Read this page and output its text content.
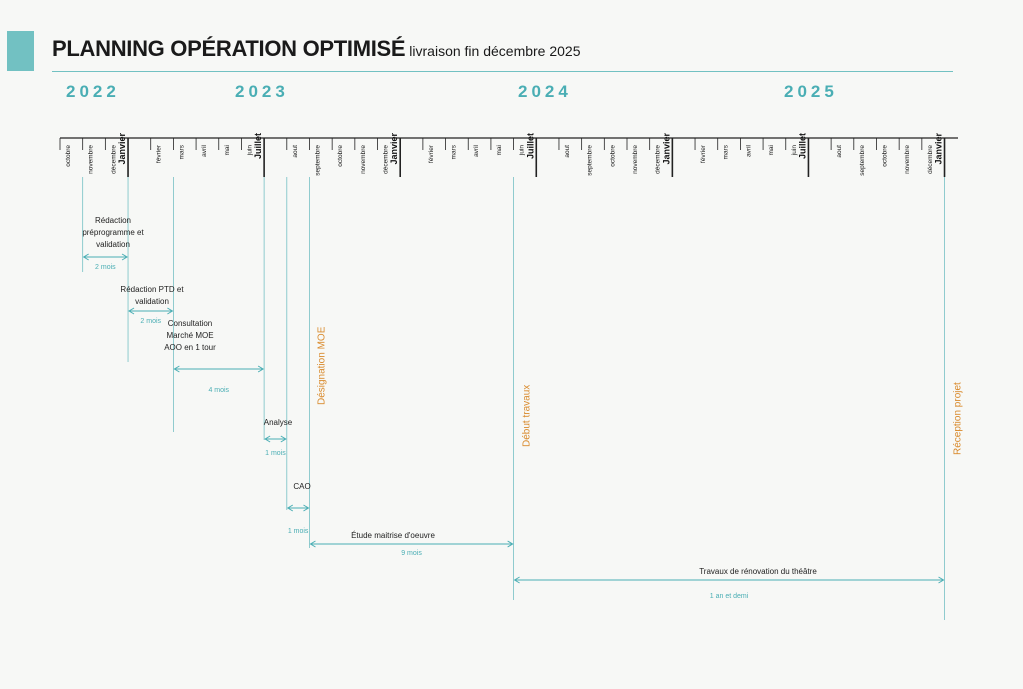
PLANNING OPÉRATION OPTIMISÉ livraison fin décembre 2025
2022	2023	2024	2025
octobre novembre décembre Janvier	février mars avril mai juin Juillet	aout septembre octobre novembre décembre Janvier	février mars avril mai juin Juillet	aout septembre octobre novembre décembre Janvier	février mars avril mai juin Juillet	aout septembre octobre novembre décembre Janvier
Rédaction
préprogramme et
validation
2 mois
Rédaction PTD et
validation
2 mois Consultation
Marché MOE
AOO en 1 tour
4 mois
Analyse
1 mois
CAO
1 mois	Étude maitrise d'oeuvre
9 mois
Travaux de rénovation du théâtre
1 an et demi
Désignation MOE
Début travaux	Réception projet
